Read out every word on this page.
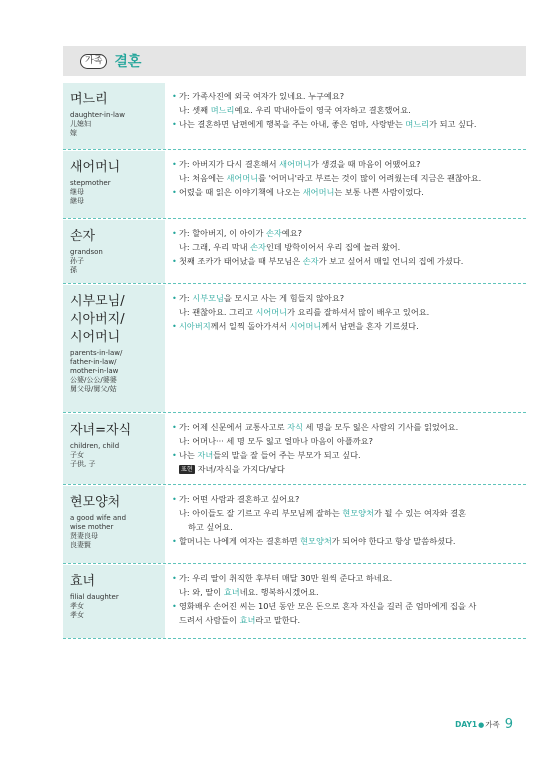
가족 결혼
며느리
daughter-in-law
儿媳妇
嫁
• 가: 가족사진에 외국 여자가 있네요. 누구예요?
나: 셋째 며느리예요. 우리 막내아들이 영국 여자하고 결혼했어요.
• 나는 결혼하면 남편에게 행복을 주는 아내, 좋은 엄마, 사랑받는 며느리가 되고 싶다.
새어머니
stepmother
继母
継母
• 가: 아버지가 다시 결혼해서 새어머니가 생겼을 때 마음이 어땠어요?
나: 처음에는 새어머니를 '어머니'라고 부르는 것이 많이 어려웠는데 지금은 괜찮아요.
• 어렸을 때 읽은 이야기책에 나오는 새어머니는 보통 나쁜 사람이었다.
손자
grandson
孙子
孫
• 가: 할아버지, 이 아이가 손자예요?
나: 그래, 우리 막내 손자인데 방학이어서 우리 집에 놀러 왔어.
• 첫째 조카가 태어났을 때 부모님은 손자가 보고 싶어서 매일 언니의 집에 가셨다.
시부모님/
시아버지/
시어머니
parents-in-law/
father-in-law/
mother-in-law
公婆/公公/婆婆
舅父母/舅父/姑
• 가: 시부모님을 모시고 사는 게 힘들지 않아요?
나: 괜찮아요. 그리고 시어머니가 요리를 잘하셔서 많이 배우고 있어요.
• 시아버지께서 일찍 돌아가셔서 시어머니께서 남편을 혼자 기르셨다.
자녀=자식
children, child
子女
子供, 子
• 가: 어제 신문에서 교통사고로 자식 세 명을 모두 잃은 사람의 기사를 읽었어요.
나: 어머나··· 세 명 모두 잃고 얼마나 마음이 아플까요?
• 나는 자녀들의 말을 잘 들어 주는 부모가 되고 싶다.
표현 자녀/자식을 가지다/낳다
현모양처
a good wife and
wise mother
贤妻良母
良妻賢
• 가: 어떤 사람과 결혼하고 싶어요?
나: 아이들도 잘 기르고 우리 부모님께 잘하는 현모양처가 될 수 있는 여자와 결혼
하고 싶어요.
• 할머니는 나에게 여자는 결혼하면 현모양처가 되어야 한다고 항상 말씀하셨다.
효녀
filial daughter
孝女
孝女
• 가: 우리 딸이 취직한 후부터 매달 30만 원씩 준다고 하네요.
나: 와, 딸이 효녀네요. 행복하시겠어요.
• 영화배우 손어진 씨는 10년 동안 모은 돈으로 혼자 자신을 길러 준 엄마에게 집을 사
드려서 사람들이 효녀라고 말한다.
DAY1 ● 가족 9
